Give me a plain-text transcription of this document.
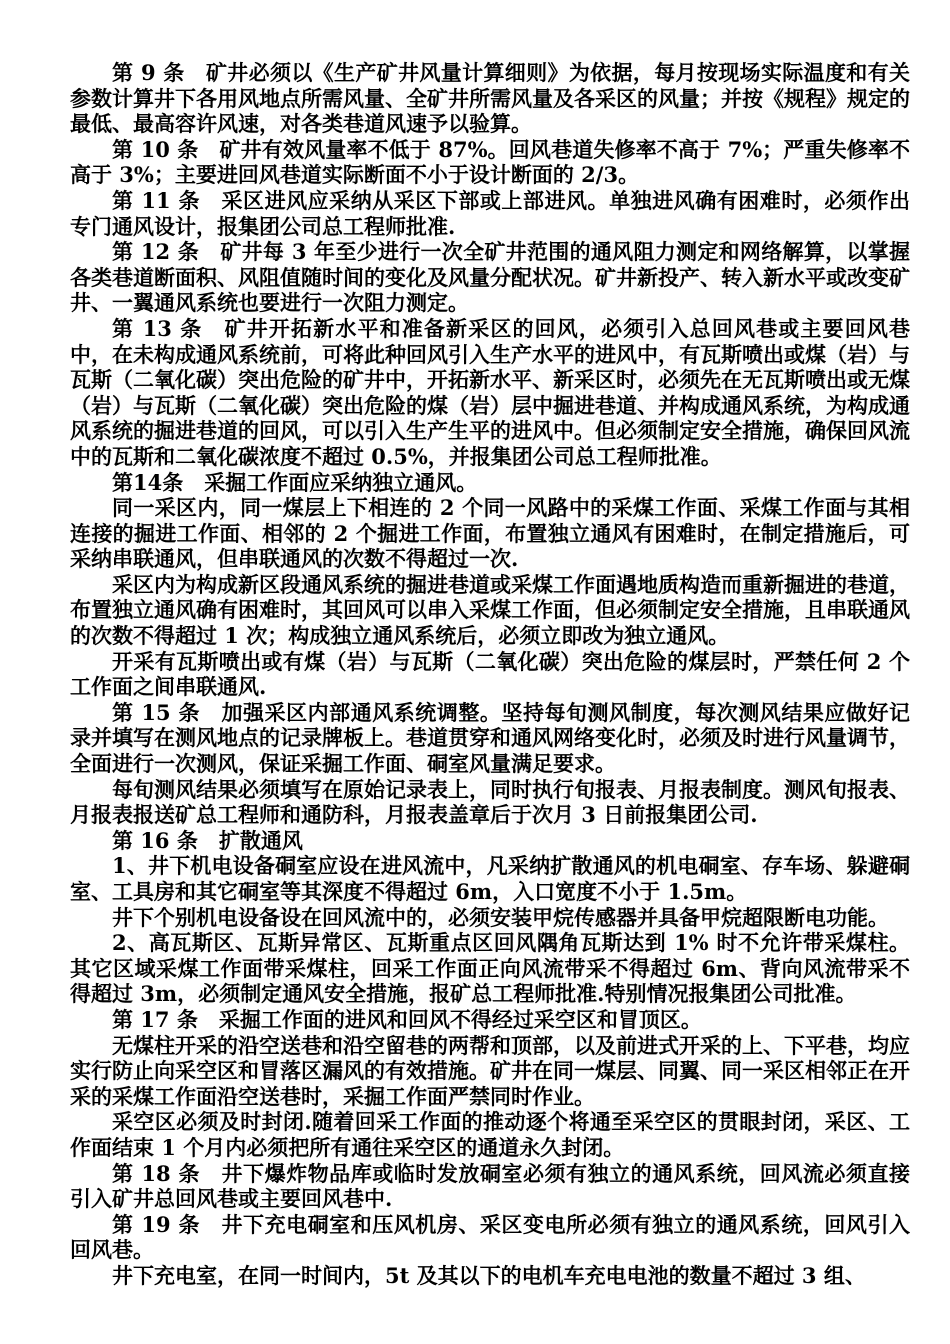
第 9 条　矿井必须以《生产矿井风量计算细则》为依据，每月按现场实际温度和有关参数计算井下各用风地点所需风量、全矿井所需风量及各采区的风量；并按《规程》规定的最低、最高容许风速，对各类巷道风速予以验算。

第 10 条　矿井有效风量率不低于 87%。回风巷道失修率不高于 7%；严重失修率不高于 3%；主要进回风巷道实际断面不小于设计断面的 2/3。

第 11 条　采区进风应采纳从采区下部或上部进风。单独进风确有困难时，必须作出专门通风设计，报集团公司总工程师批准.

第 12 条　矿井每 3 年至少进行一次全矿井范围的通风阻力测定和网络解算，以掌握各类巷道断面积、风阻值随时间的变化及风量分配状况。矿井新投产、转入新水平或改变矿井、一翼通风系统也要进行一次阻力测定。

第 13 条　矿井开拓新水平和准备新采区的回风，必须引入总回风巷或主要回风巷中，在未构成通风系统前，可将此种回风引入生产水平的进风中，有瓦斯喷出或煤（岩）与瓦斯（二氧化碳）突出危险的矿井中，开拓新水平、新采区时，必须先在无瓦斯喷出或无煤（岩）与瓦斯（二氧化碳）突出危险的煤（岩）层中掘进巷道、并构成通风系统，为构成通风系统的掘进巷道的回风，可以引入生产生平的进风中。但必须制定安全措施，确保回风流中的瓦斯和二氧化碳浓度不超过 0.5%，并报集团公司总工程师批准。

第14条　采掘工作面应采纳独立通风。

同一采区内，同一煤层上下相连的 2 个同一风路中的采煤工作面、采煤工作面与其相连接的掘进工作面、相邻的 2 个掘进工作面，布置独立通风有困难时，在制定措施后，可采纳串联通风，但串联通风的次数不得超过一次.

采区内为构成新区段通风系统的掘进巷道或采煤工作面遇地质构造而重新掘进的巷道，布置独立通风确有困难时，其回风可以串入采煤工作面，但必须制定安全措施，且串联通风的次数不得超过 1 次；构成独立通风系统后，必须立即改为独立通风。

开采有瓦斯喷出或有煤（岩）与瓦斯（二氧化碳）突出危险的煤层时，严禁任何 2 个工作面之间串联通风.

第 15 条　加强采区内部通风系统调整。坚持每旬测风制度，每次测风结果应做好记录并填写在测风地点的记录牌板上。巷道贯穿和通风网络变化时，必须及时进行风量调节，全面进行一次测风，保证采掘工作面、硐室风量满足要求。

每旬测风结果必须填写在原始记录表上，同时执行旬报表、月报表制度。测风旬报表、月报表报送矿总工程师和通防科，月报表盖章后于次月 3 日前报集团公司.

第 16 条　扩散通风

1、井下机电设备硐室应设在进风流中，凡采纳扩散通风的机电硐室、存车场、躲避硐室、工具房和其它硐室等其深度不得超过 6m，入口宽度不小于 1.5m。

井下个别机电设备设在回风流中的，必须安装甲烷传感器并具备甲烷超限断电功能。

2、高瓦斯区、瓦斯异常区、瓦斯重点区回风隅角瓦斯达到 1% 时不允许带采煤柱。其它区域采煤工作面带采煤柱，回采工作面正向风流带采不得超过 6m、背向风流带采不得超过 3m，必须制定通风安全措施，报矿总工程师批准.特别情况报集团公司批准。

第 17 条　采掘工作面的进风和回风不得经过采空区和冒顶区。

无煤柱开采的沿空送巷和沿空留巷的两帮和顶部，以及前进式开采的上、下平巷，均应实行防止向采空区和冒落区漏风的有效措施。矿井在同一煤层、同翼、同一采区相邻正在开采的采煤工作面沿空送巷时，采掘工作面严禁同时作业。

采空区必须及时封闭.随着回采工作面的推动逐个将通至采空区的贯眼封闭，采区、工作面结束 1 个月内必须把所有通往采空区的通道永久封闭。

第 18 条　井下爆炸物品库或临时发放硐室必须有独立的通风系统，回风流必须直接引入矿井总回风巷或主要回风巷中.

第 19 条　井下充电硐室和压风机房、采区变电所必须有独立的通风系统，回风引入回风巷。

井下充电室，在同一时间内，5t 及其以下的电机车充电电池的数量不超过 3 组、
